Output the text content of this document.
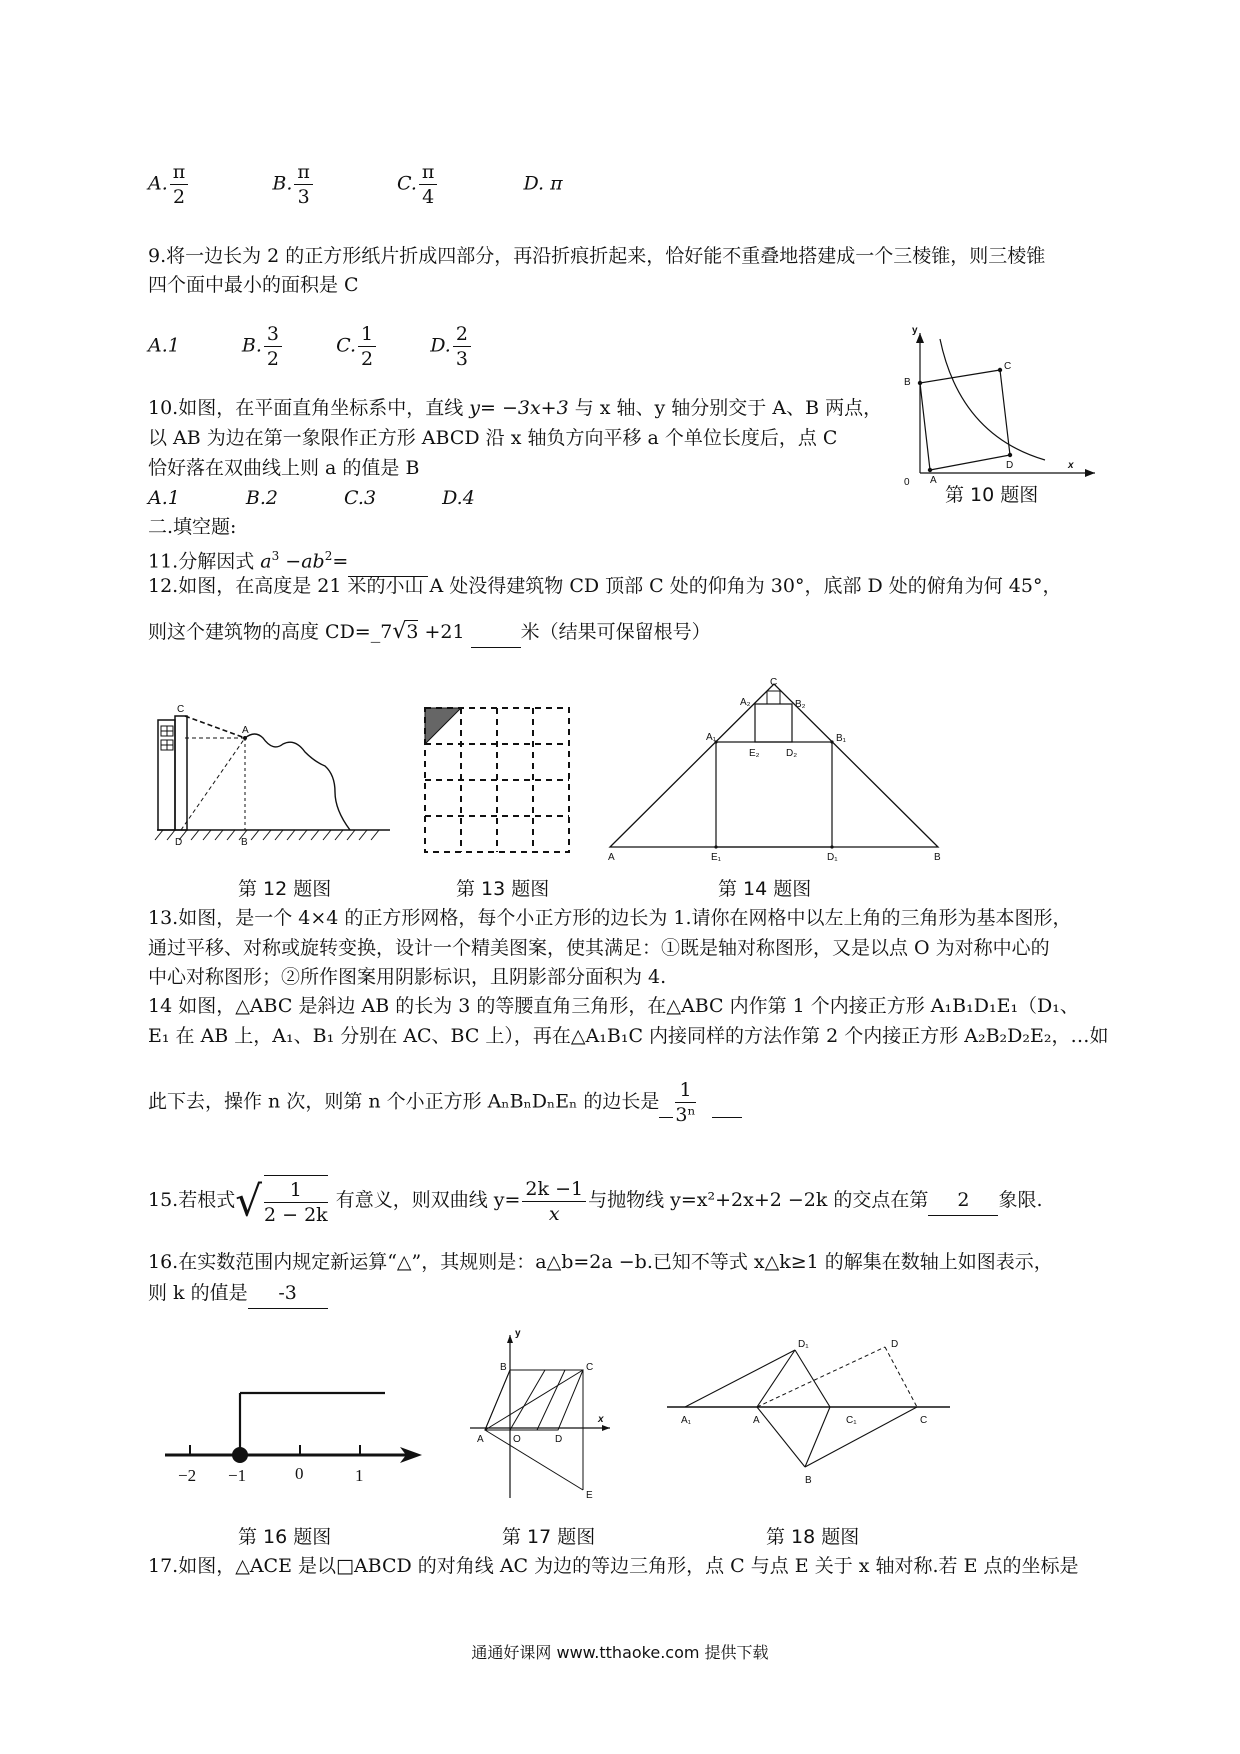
A. $\frac{\pi}{2}$	B. $\frac{\pi}{3}$	C. $\frac{\pi}{4}$	D. π
9.将一边长为 2 的正方形纸片折成四部分，再沿折痕折起来，恰好能不重叠地搭建成一个三棱锥，则三棱锥
四个面中最小的面积是 C
A.1	B. $\frac{3}{2}$	C. $\frac{1}{2}$	D. $\frac{2}{3}$
10.如图，在平面直角坐标系中，直线 y= −3x+3 与 x 轴、y 轴分别交于 A、B 两点，
以 AB 为边在第一象限作正方形 ABCD 沿 x 轴负方向平移 a 个单位长度后，点 C
恰好落在双曲线上则 a 的值是 B
A.1	B.2	C.3	D.4
y
x
B
C
D
A
0
第 10 题图
二.填空题:
11.分解因式 $a^3 -ab^2=$
12.如图，在高度是 21 米的小山 A 处没得建筑物 CD 顶部 C 处的仰角为 30°，底部 D 处的俯角为何 45°，
则这个建筑物的高度 CD=_7√3 +21	米（结果可保留根号）
C
A
D	B
C
A₂	B₂
A₁	B₁
E₂	D₂
A	E₁	D₁	B
第 12 题图	第 13 题图	第 14 题图
13.如图，是一个 4×4 的正方形网格，每个小正方形的边长为 1.请你在网格中以左上角的三角形为基本图形，
通过平移、对称或旋转变换，设计一个精美图案，使其满足：①既是轴对称图形，又是以点 O 为对称中心的
中心对称图形；②所作图案用阴影标识，且阴影部分面积为 4.
14 如图，△ABC 是斜边 AB 的长为 3 的等腰直角三角形，在△ABC 内作第 1 个内接正方形 A₁B₁D₁E₁（D₁、
E₁ 在 AB 上，A₁、B₁ 分别在 AC、BC 上），再在△A₁B₁C 内接同样的方法作第 2 个内接正方形 A₂B₂D₂E₂，…如
此下去，操作 n 次，则第 n 个小正方形 AₙBₙDₙEₙ 的边长是 $\frac{1}{\text{3ⁿ}}$

15.若根式√ $\frac{1}{2 - 2k}$ 有意义，则双曲线 $y= \frac{2k -1}{x}$ 与抛物线 y=x²+2x+2 −2k 的交点在第 2 象限.
16.在实数范围内规定新运算“△”，其规则是：a△b=2a −b.已知不等式 x△k≥1 的解集在数轴上如图表示，
则 k 的值是 -3
−2 −1	0	1
y
x
B	C
A	O	D
E
D₁	D
A₁	A	C₁	C
B
第 16 题图	第 17 题图	第 18 题图
17.如图，△ACE 是以□ABCD 的对角线 AC 为边的等边三角形，点 C 与点 E 关于 x 轴对称.若 E 点的坐标是
通通好课网 www.tthaoke.com 提供下载
